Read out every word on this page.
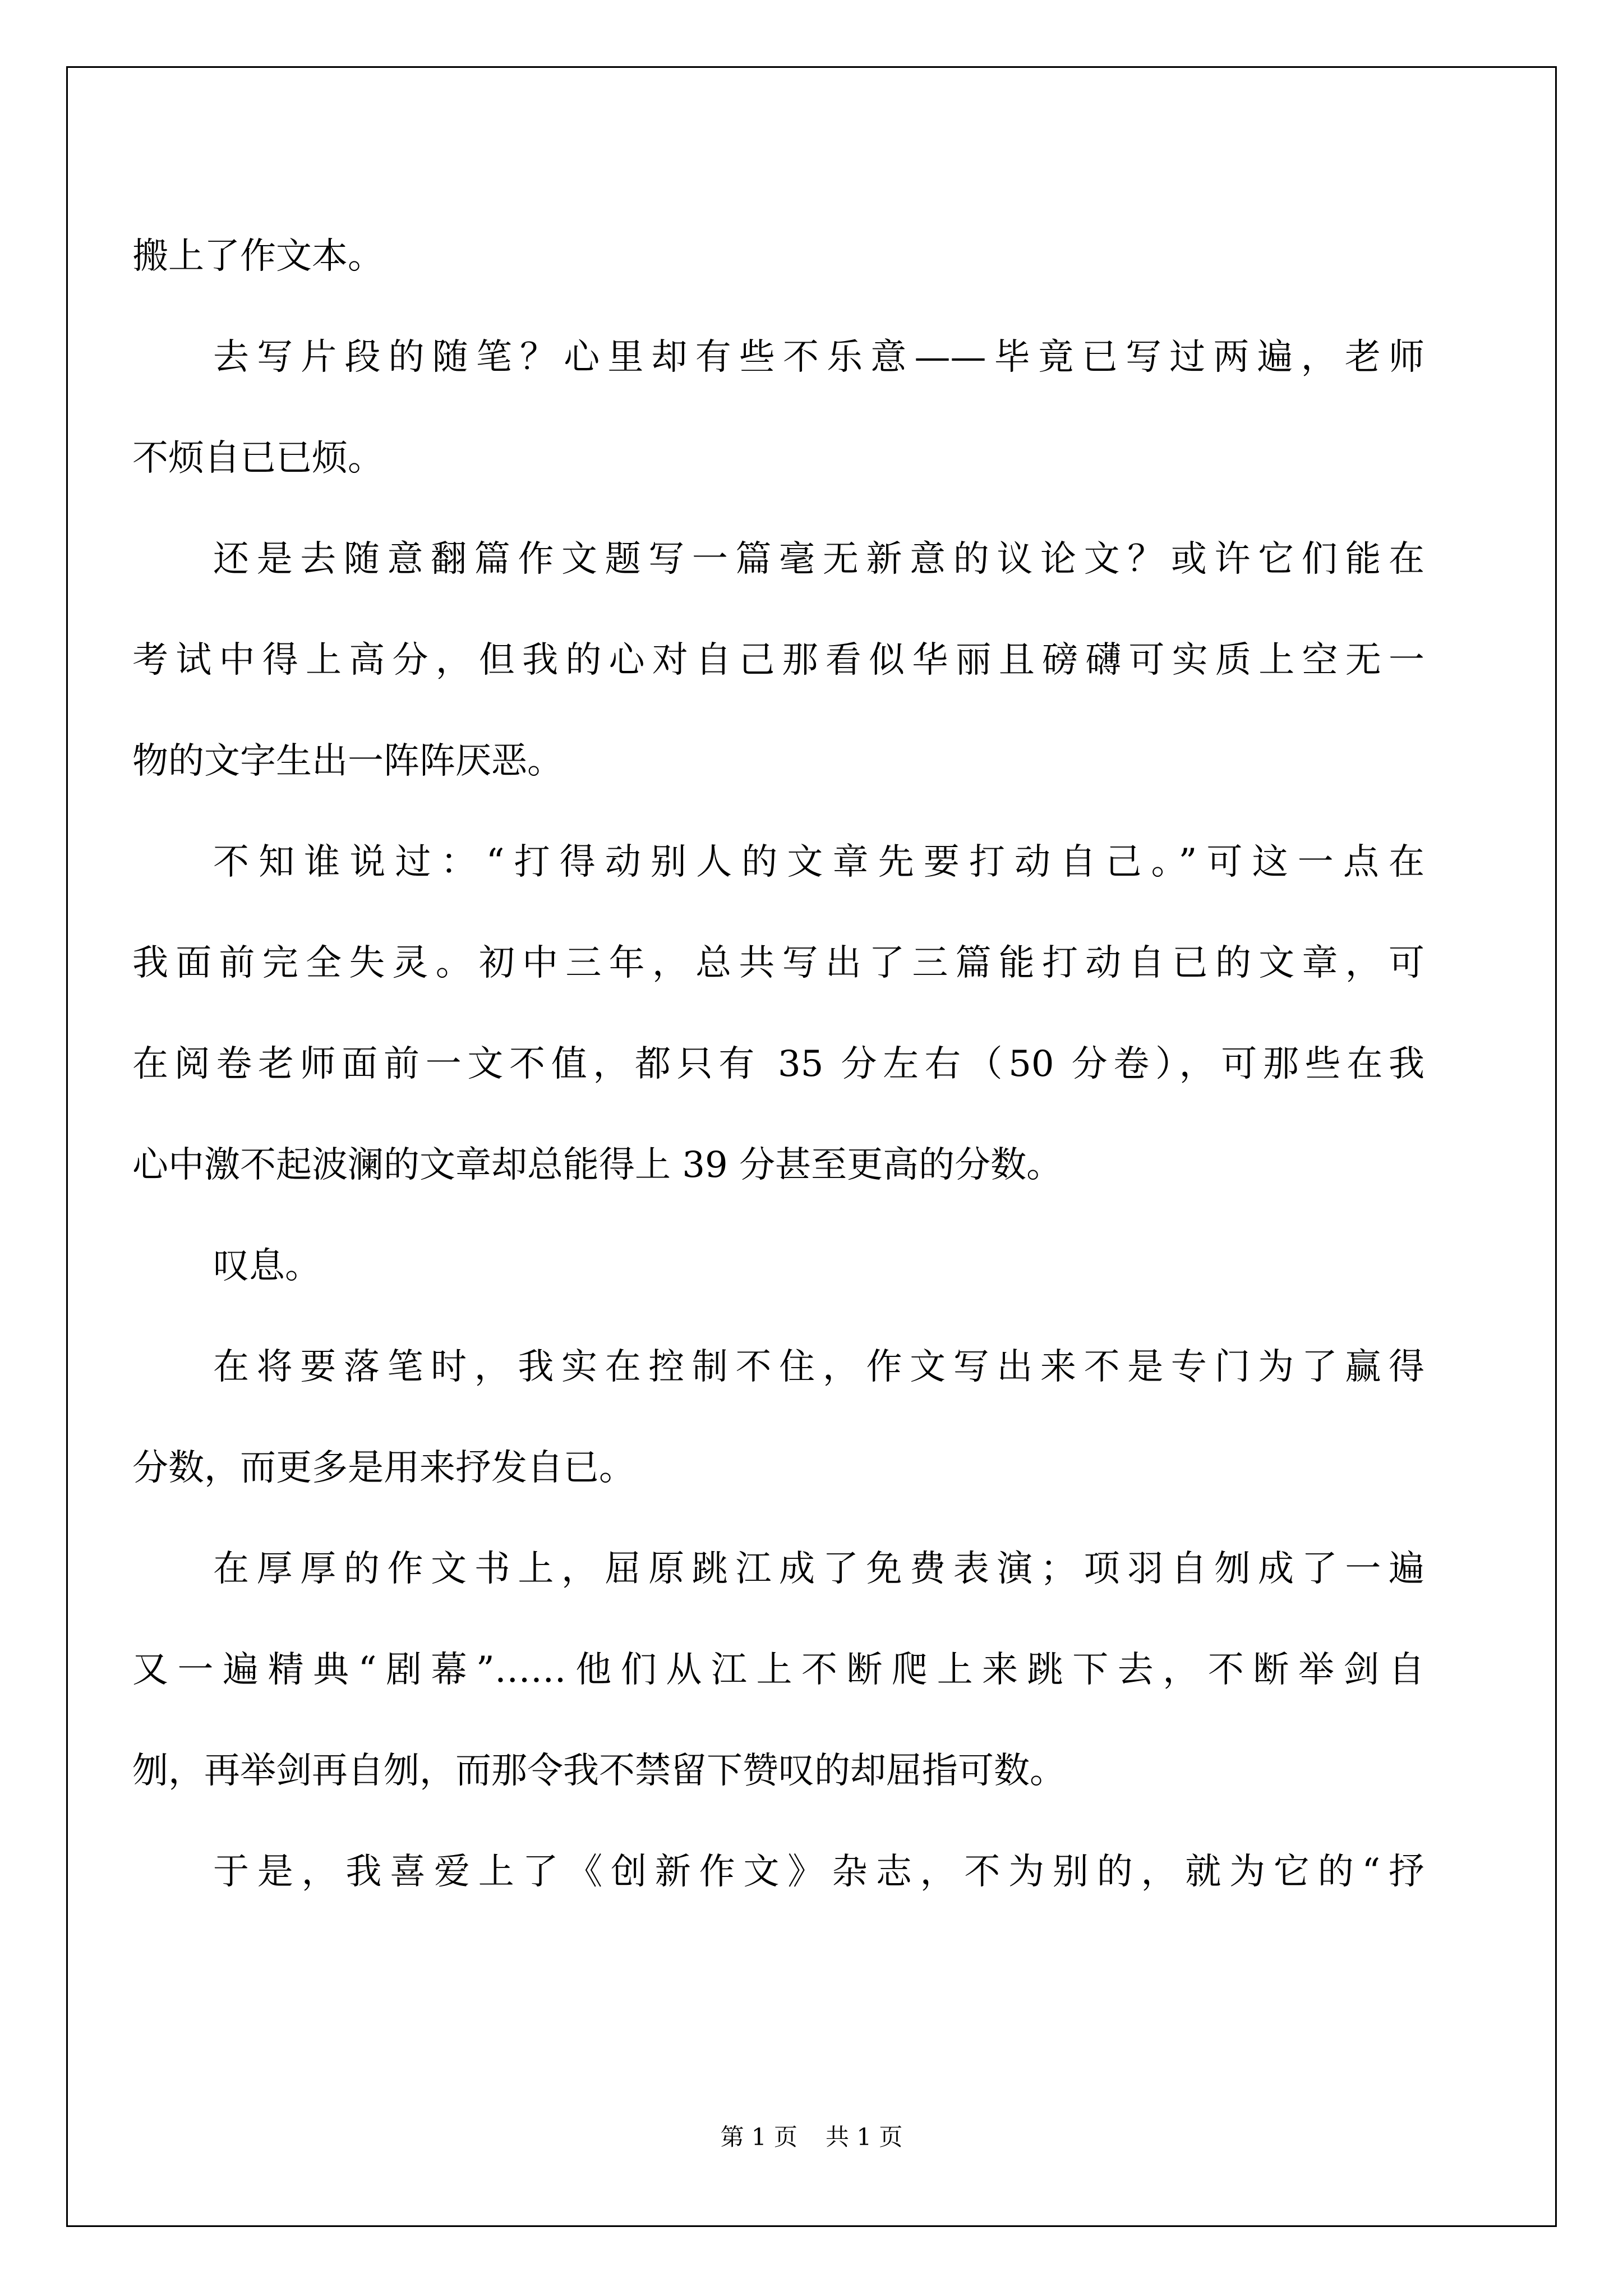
搬上了作文本。
去写片段的随笔？心里却有些不乐意——毕竟已写过两遍，老师
不烦自已已烦。
还是去随意翻篇作文题写一篇毫无新意的议论文？或许它们能在
考试中得上高分，但我的心对自己那看似华丽且磅礴可实质上空无一
物的文字生出一阵阵厌恶。
不知谁说过：“打得动别人的文章先要打动自己。”可这一点在
我面前完全失灵。初中三年，总共写出了三篇能打动自已的文章，可
在阅卷老师面前一文不值，都只有 35 分左右（50 分卷），可那些在我
心中激不起波澜的文章却总能得上 39 分甚至更高的分数。
叹息。
在将要落笔时，我实在控制不住，作文写出来不是专门为了赢得
分数，而更多是用来抒发自已。
在厚厚的作文书上，屈原跳江成了免费表演；项羽自刎成了一遍
又一遍精典“剧幕”……他们从江上不断爬上来跳下去，不断举剑自
刎，再举剑再自刎，而那令我不禁留下赞叹的却屈指可数。
于是，我喜爱上了《创新作文》杂志，不为别的，就为它的“抒
第 1 页 共 1 页
